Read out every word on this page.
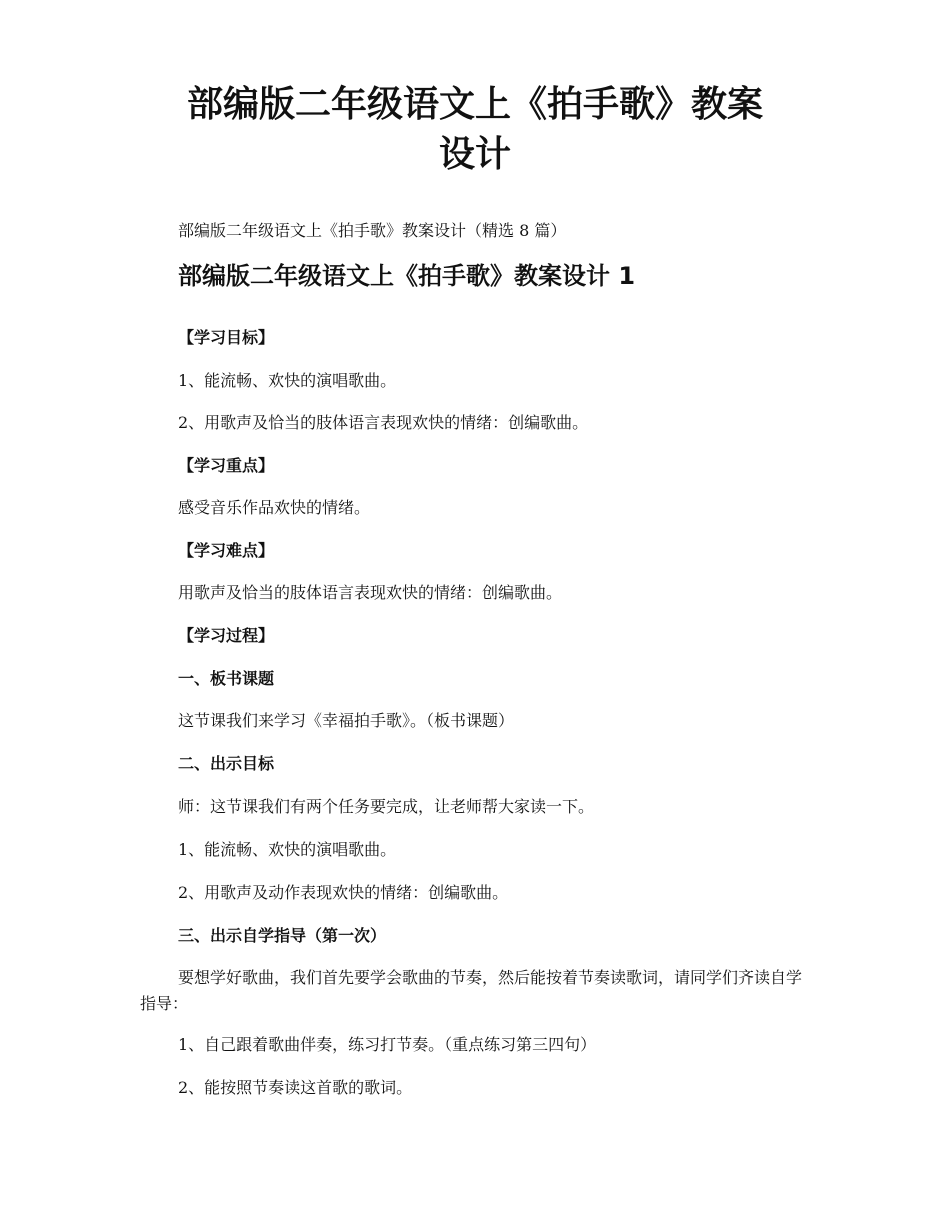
部编版二年级语文上《拍手歌》教案
设计
部编版二年级语文上《拍手歌》教案设计（精选 8 篇）
部编版二年级语文上《拍手歌》教案设计 1
【学习目标】
1、能流畅、欢快的演唱歌曲。
2、用歌声及恰当的肢体语言表现欢快的情绪：创编歌曲。
【学习重点】
感受音乐作品欢快的情绪。
【学习难点】
用歌声及恰当的肢体语言表现欢快的情绪：创编歌曲。
【学习过程】
一、板书课题
这节课我们来学习《幸福拍手歌》。（板书课题）
二、出示目标
师：这节课我们有两个任务要完成，让老师帮大家读一下。
1、能流畅、欢快的演唱歌曲。
2、用歌声及动作表现欢快的情绪：创编歌曲。
三、出示自学指导（第一次）
要想学好歌曲，我们首先要学会歌曲的节奏，然后能按着节奏读歌词，请同学们齐读自学指导：
1、自己跟着歌曲伴奏，练习打节奏。（重点练习第三四句）
2、能按照节奏读这首歌的歌词。
